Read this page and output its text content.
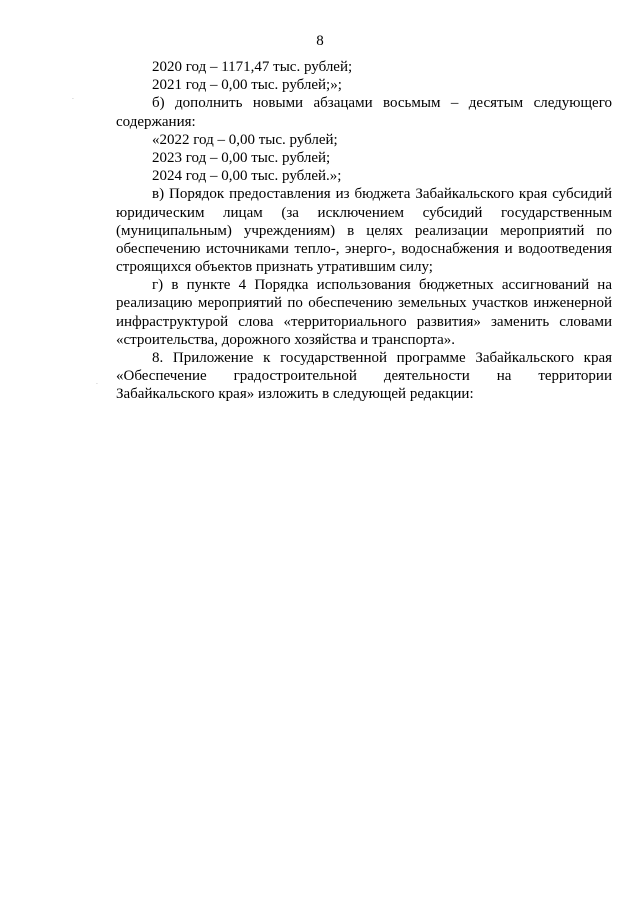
8
·
·
2020 год – 1171,47 тыс. рублей;
2021 год – 0,00 тыс. рублей;»;
б) дополнить новыми абзацами восьмым – десятым следующего
содержания:
«2022 год – 0,00 тыс. рублей;
2023 год – 0,00 тыс. рублей;
2024 год – 0,00 тыс. рублей.»;
в) Порядок предоставления из бюджета Забайкальского края субсидий
юридическим лицам (за исключением субсидий государственным
(муниципальным) учреждениям) в целях реализации мероприятий по
обеспечению источниками тепло-, энерго-, водоснабжения и водоотведения
строящихся объектов признать утратившим силу;
г) в пункте 4 Порядка использования бюджетных ассигнований на
реализацию мероприятий по обеспечению земельных участков инженерной
инфраструктурой слова «территориального развития» заменить словами
«строительства, дорожного хозяйства и транспорта».
8. Приложение к государственной программе Забайкальского края
«Обеспечение градостроительной деятельности на территории
Забайкальского края» изложить в следующей редакции:
